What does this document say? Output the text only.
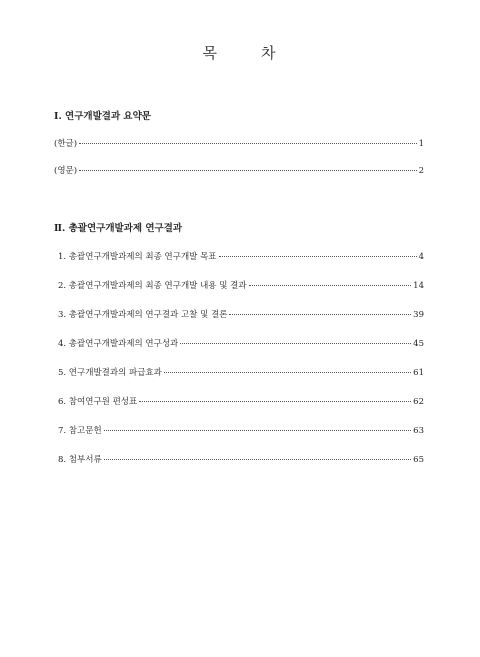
목	차
Ⅰ. 연구개발결과 요약문
(한글)	1
(영문)	2
Ⅱ. 총괄연구개발과제 연구결과
1. 총괄연구개발과제의 최종 연구개발 목표	4
2. 총괄연구개발과제의 최종 연구개발 내용 및 결과	14
3. 총괄연구개발과제의 연구결과 고찰 및 결론	39
4. 총괄연구개발과제의 연구성과	45
5. 연구개발결과의 파급효과	61
6. 참여연구원 편성표	62
7. 참고문헌	63
8. 첨부서류	65
